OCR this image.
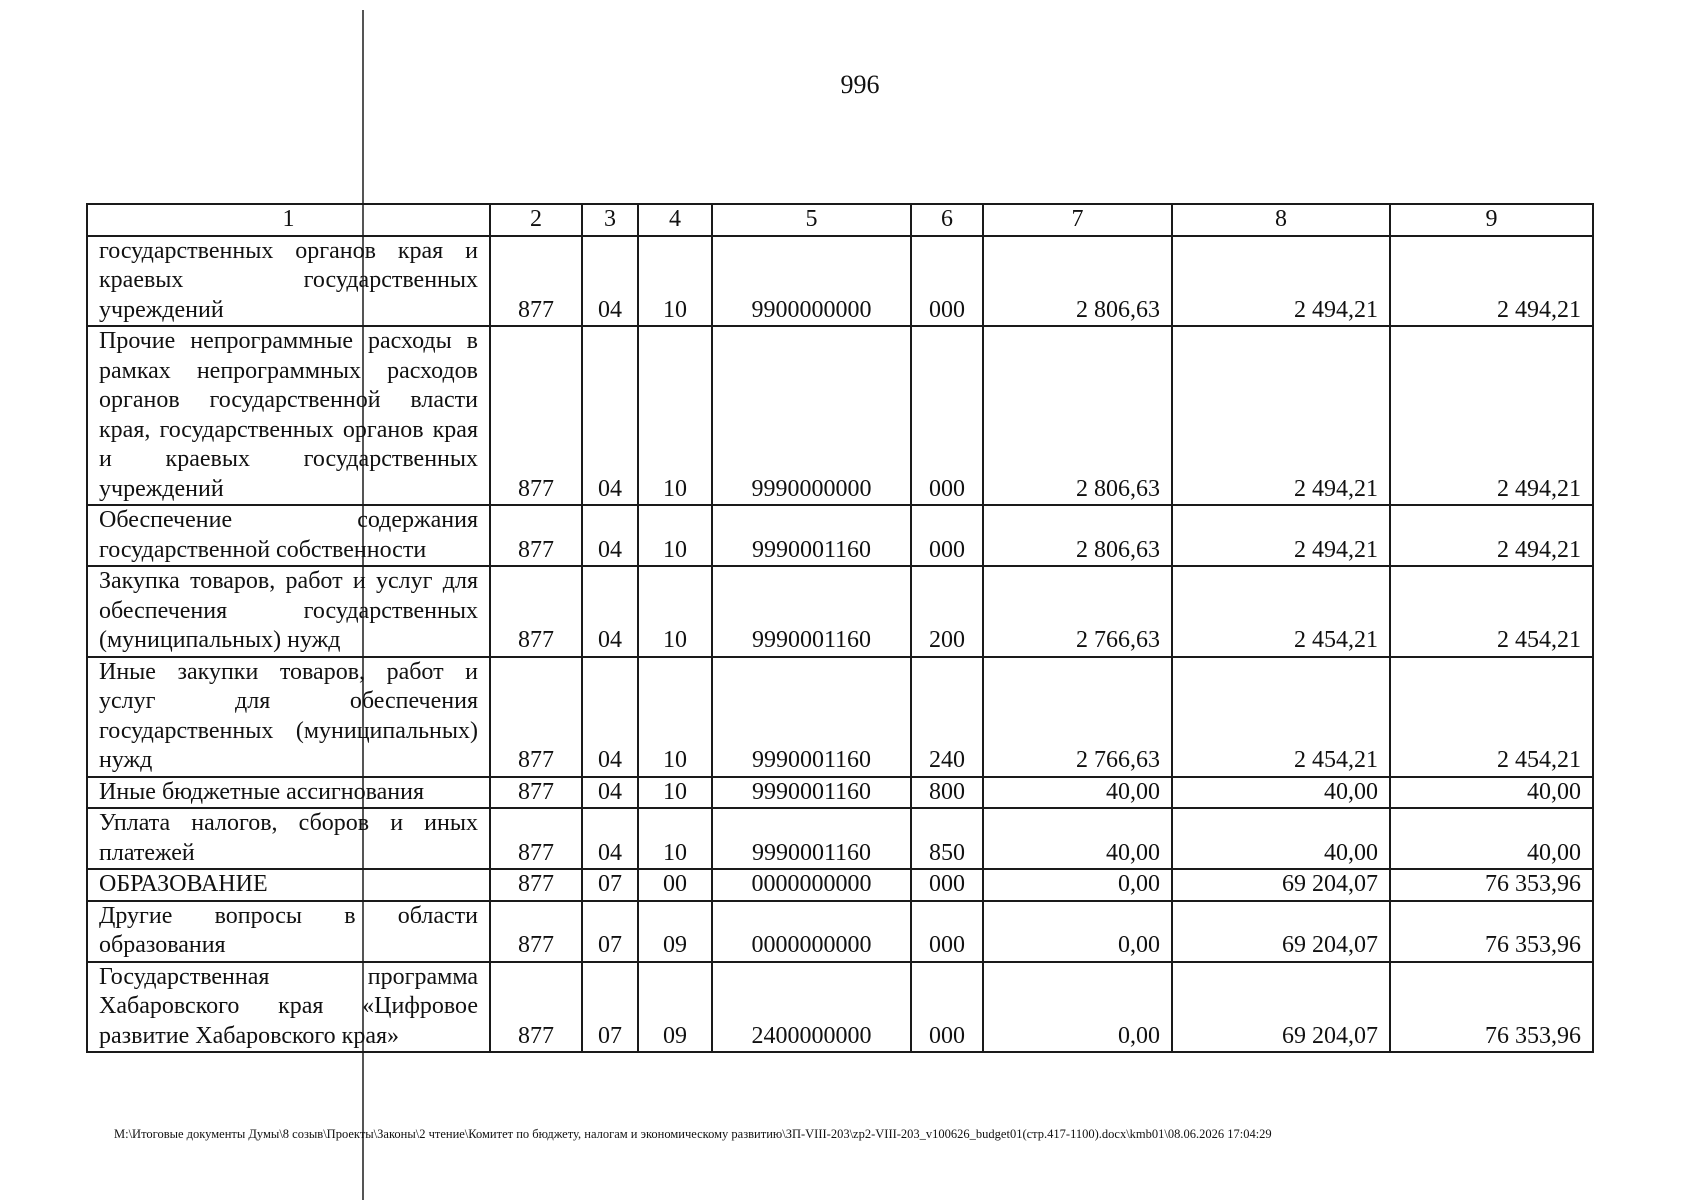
996
1	2	3	4	5	6	7	8	9
государственных органов края и краевых государственных учреждений	877	04	10	9900000000	000	2 806,63	2 494,21	2 494,21
Прочие непрограммные расходы в рамках непрограммных расходов органов государственной власти края, государственных органов края и краевых государственных учреждений	877	04	10	9990000000	000	2 806,63	2 494,21	2 494,21
Обеспечение содержания государственной собственности	877	04	10	9990001160	000	2 806,63	2 494,21	2 494,21
Закупка товаров, работ и услуг для обеспечения государственных (муниципальных) нужд	877	04	10	9990001160	200	2 766,63	2 454,21	2 454,21
Иные закупки товаров, работ и услуг для обеспечения государственных (муниципальных) нужд	877	04	10	9990001160	240	2 766,63	2 454,21	2 454,21
Иные бюджетные ассигнования	877	04	10	9990001160	800	40,00	40,00	40,00
Уплата налогов, сборов и иных платежей	877	04	10	9990001160	850	40,00	40,00	40,00
ОБРАЗОВАНИЕ	877	07	00	0000000000	000	0,00	69 204,07	76 353,96
Другие вопросы в области образования	877	07	09	0000000000	000	0,00	69 204,07	76 353,96
Государственная программа Хабаровского края «Цифровое развитие Хабаровского края»	877	07	09	2400000000	000	0,00	69 204,07	76 353,96
M:\Итоговые документы Думы\8 созыв\Проекты\Законы\2 чтение\Комитет по бюджету, налогам и экономическому развитию\ЗП-VIII-203\zp2-VIII-203_v100626_budget01(стр.417-1100).docx\kmb01\08.06.2026 17:04:29
